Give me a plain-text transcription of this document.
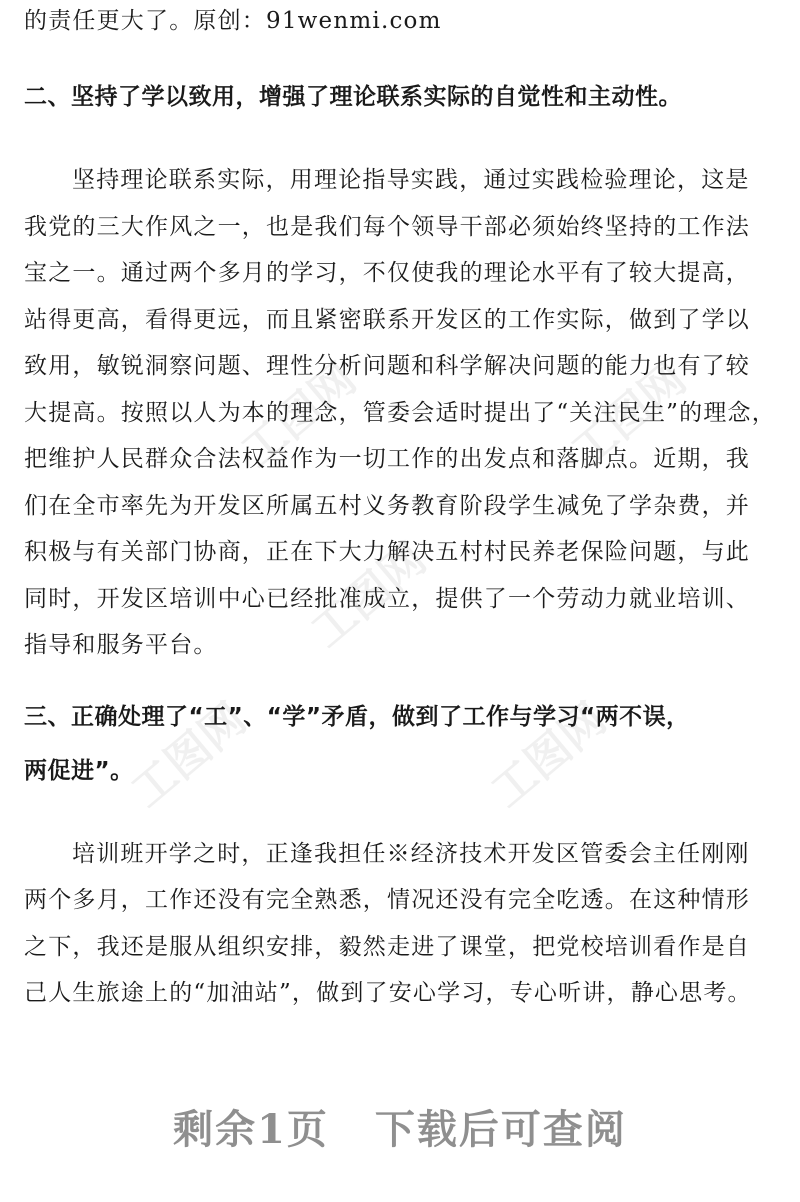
工图网	工图网
工图网
工图网	工图网
的责任更大了。原创：91wenmi.com
二、坚持了学以致用，增强了理论联系实际的自觉性和主动性。
坚持理论联系实际，用理论指导实践，通过实践检验理论，这是
我党的三大作风之一，也是我们每个领导干部必须始终坚持的工作法
宝之一。通过两个多月的学习，不仅使我的理论水平有了较大提高，
站得更高，看得更远，而且紧密联系开发区的工作实际，做到了学以
致用，敏锐洞察问题、理性分析问题和科学解决问题的能力也有了较
大提高。按照以人为本的理念，管委会适时提出了“关注民生”的理念，
把维护人民群众合法权益作为一切工作的出发点和落脚点。近期，我
们在全市率先为开发区所属五村义务教育阶段学生减免了学杂费，并
积极与有关部门协商，正在下大力解决五村村民养老保险问题，与此
同时，开发区培训中心已经批准成立，提供了一个劳动力就业培训、
指导和服务平台。
三、正确处理了“工”、“学”矛盾，做到了工作与学习“两不误，
两促进”。
培训班开学之时，正逢我担任※经济技术开发区管委会主任刚刚
两个多月，工作还没有完全熟悉，情况还没有完全吃透。在这种情形
之下，我还是服从组织安排，毅然走进了课堂，把党校培训看作是自
己人生旅途上的“加油站”，做到了安心学习，专心听讲，静心思考。
剩余1页 下载后可查阅
